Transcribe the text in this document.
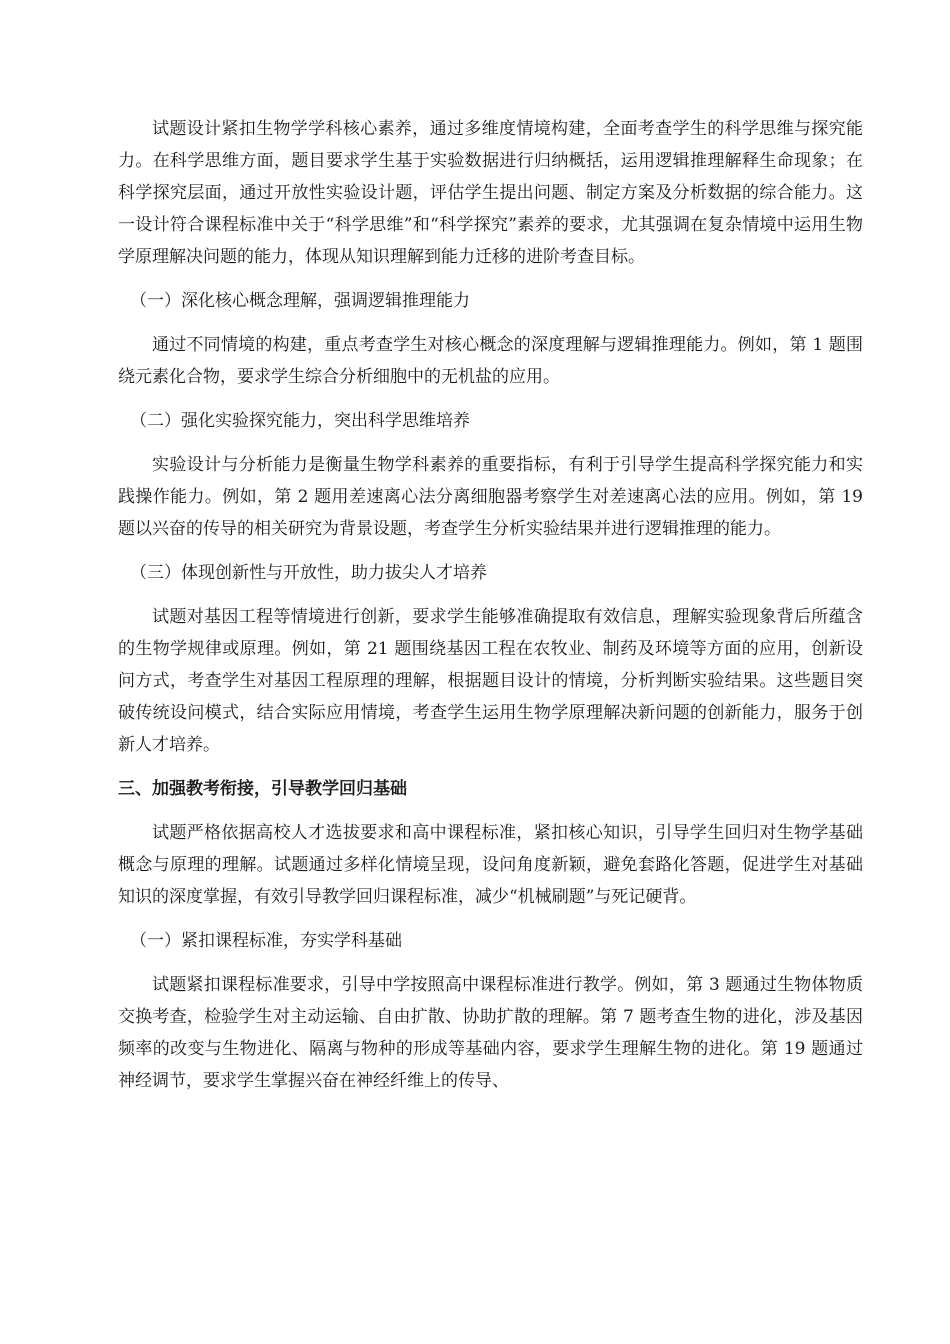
试题设计紧扣生物学学科核心素养，通过多维度情境构建，全面考查学生的科学思维与探究能力。在科学思维方面，题目要求学生基于实验数据进行归纳概括，运用逻辑推理解释生命现象；在科学探究层面，通过开放性实验设计题，评估学生提出问题、制定方案及分析数据的综合能力。这一设计符合课程标准中关于“科学思维”和“科学探究”素养的要求，尤其强调在复杂情境中运用生物学原理解决问题的能力，体现从知识理解到能力迁移的进阶考查目标。

（一）深化核心概念理解，强调逻辑推理能力

通过不同情境的构建，重点考查学生对核心概念的深度理解与逻辑推理能力。例如，第 1 题围绕元素化合物，要求学生综合分析细胞中的无机盐的应用。

（二）强化实验探究能力，突出科学思维培养

实验设计与分析能力是衡量生物学科素养的重要指标，有利于引导学生提高科学探究能力和实践操作能力。例如，第 2 题用差速离心法分离细胞器考察学生对差速离心法的应用。例如，第 19 题以兴奋的传导的相关研究为背景设题，考查学生分析实验结果并进行逻辑推理的能力。

（三）体现创新性与开放性，助力拔尖人才培养

试题对基因工程等情境进行创新，要求学生能够准确提取有效信息，理解实验现象背后所蕴含的生物学规律或原理。例如，第 21 题围绕基因工程在农牧业、制药及环境等方面的应用，创新设问方式，考查学生对基因工程原理的理解，根据题目设计的情境，分析判断实验结果。这些题目突破传统设问模式，结合实际应用情境，考查学生运用生物学原理解决新问题的创新能力，服务于创新人才培养。

三、加强教考衔接，引导教学回归基础

试题严格依据高校人才选拔要求和高中课程标准，紧扣核心知识，引导学生回归对生物学基础概念与原理的理解。试题通过多样化情境呈现，设问角度新颖，避免套路化答题，促进学生对基础知识的深度掌握，有效引导教学回归课程标准，减少“机械刷题”与死记硬背。

（一）紧扣课程标准，夯实学科基础

试题紧扣课程标准要求，引导中学按照高中课程标准进行教学。例如，第 3 题通过生物体物质交换考查，检验学生对主动运输、自由扩散、协助扩散的理解。第 7 题考查生物的进化，涉及基因频率的改变与生物进化、隔离与物种的形成等基础内容，要求学生理解生物的进化。第 19 题通过神经调节，要求学生掌握兴奋在神经纤维上的传导、
